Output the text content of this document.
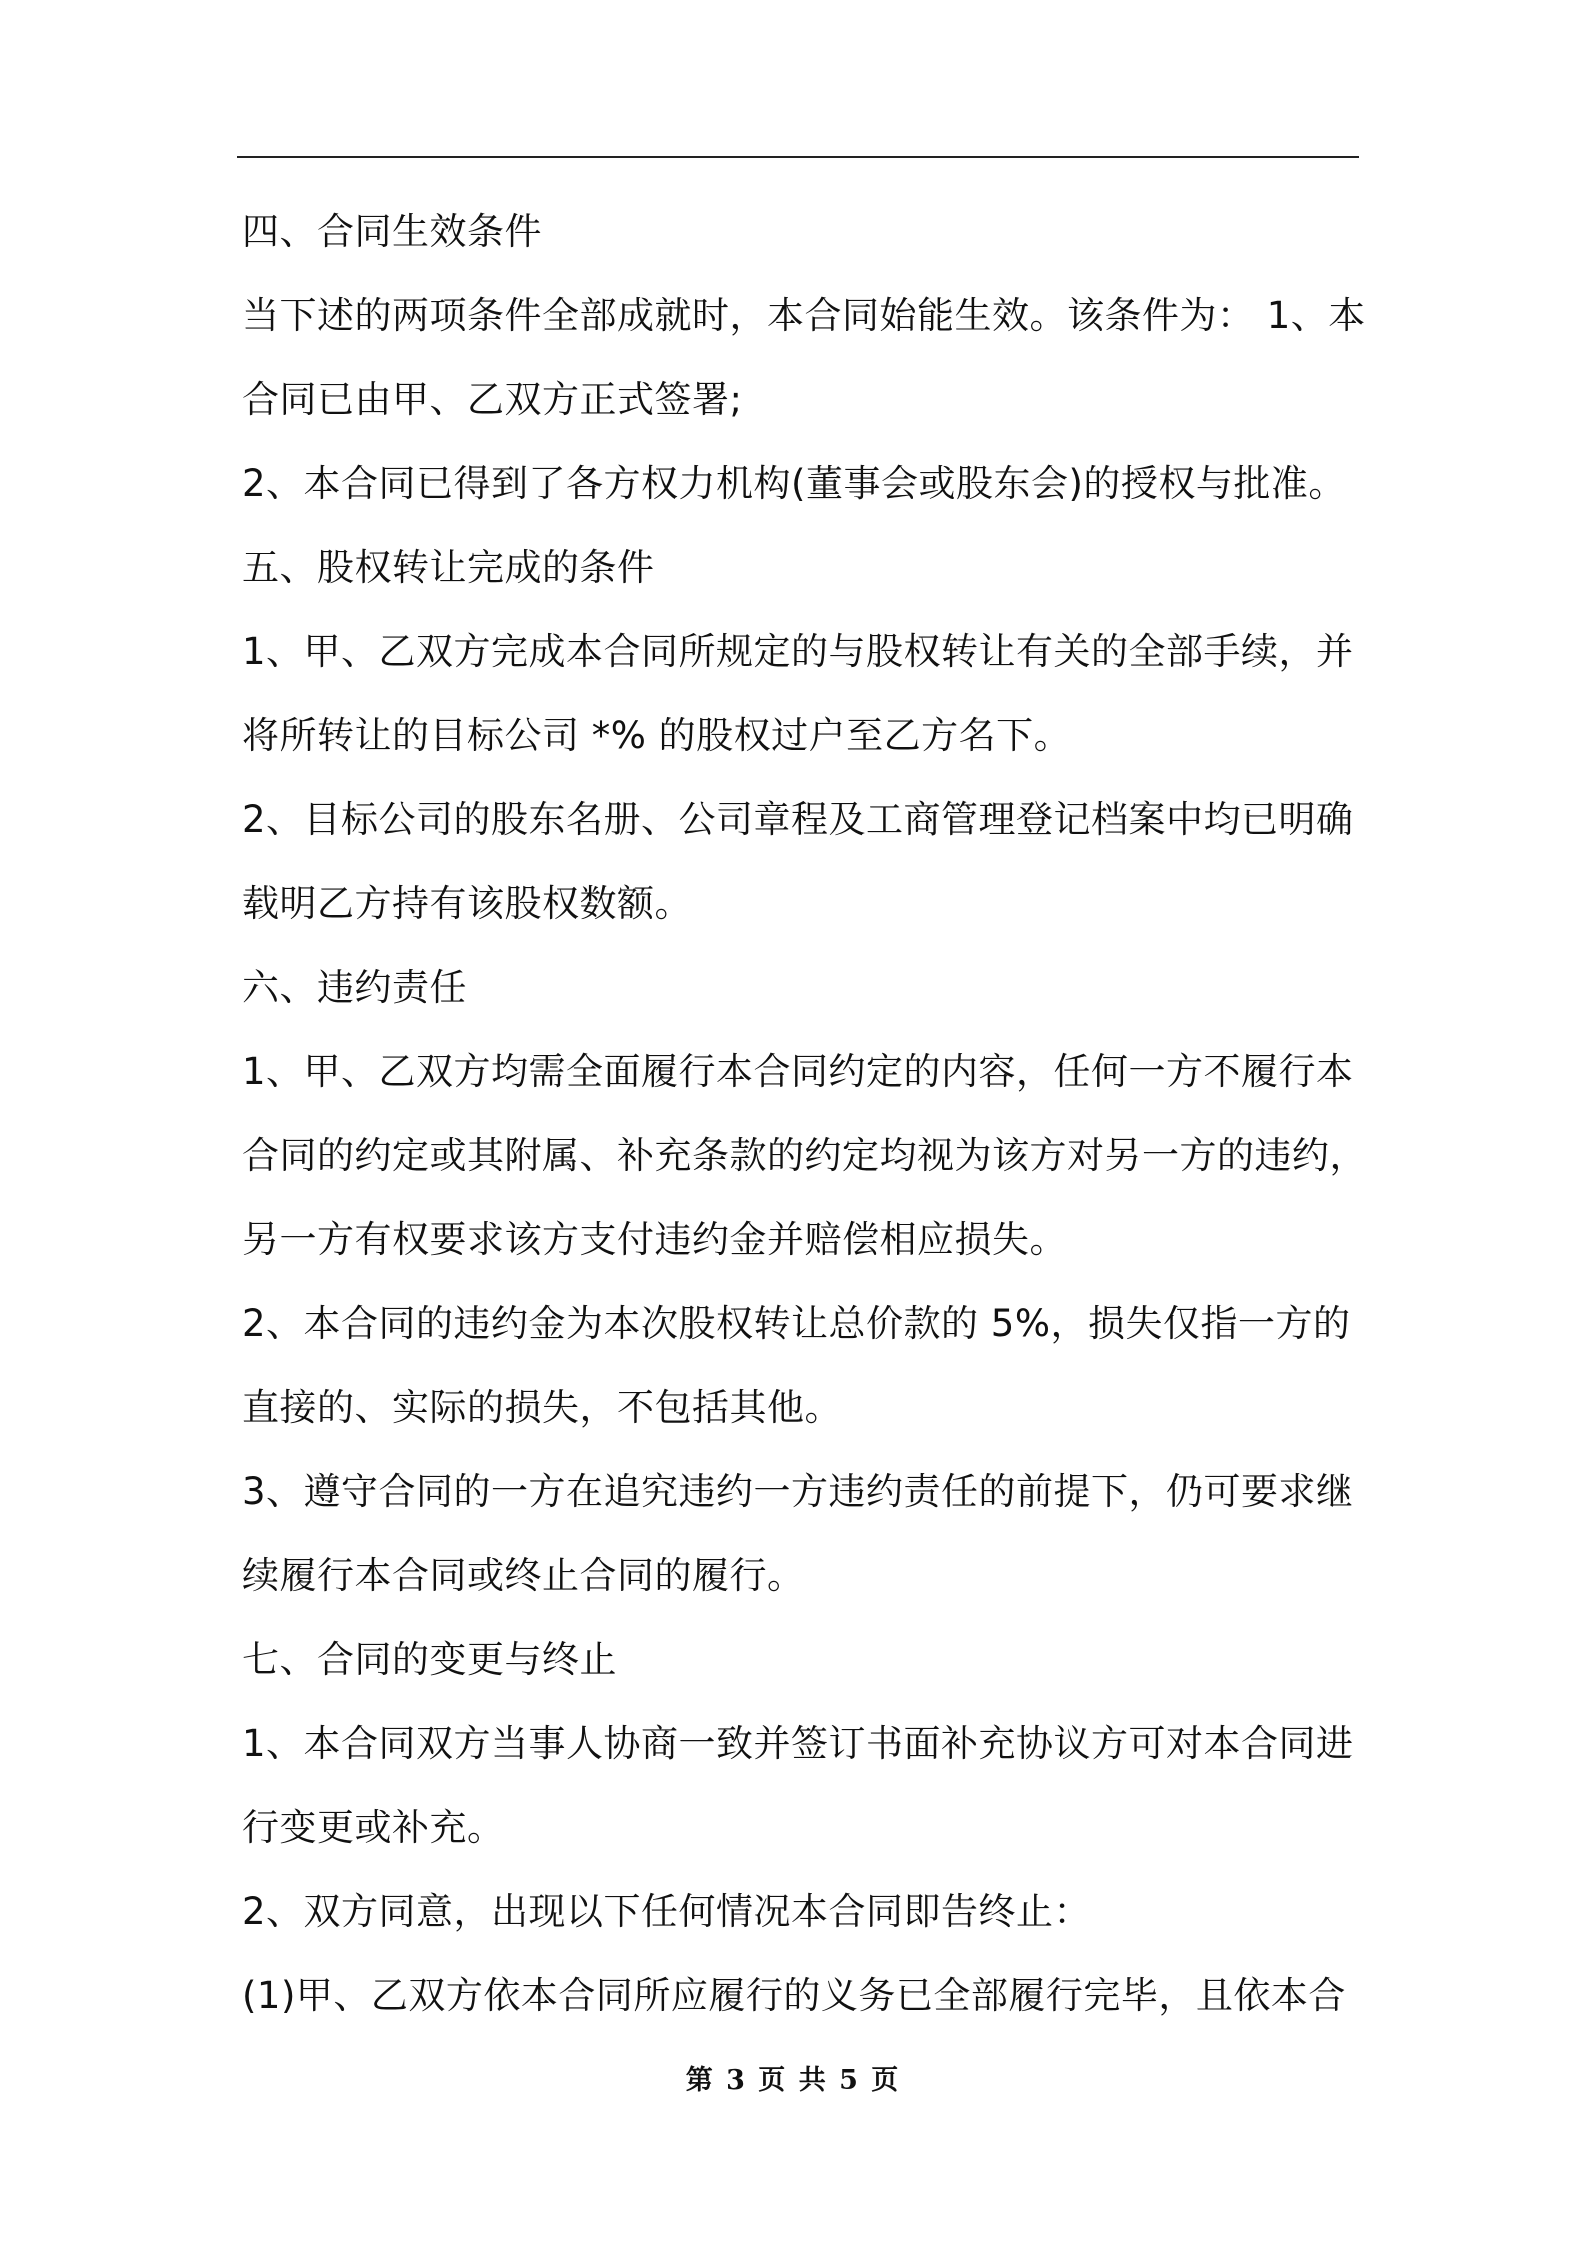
四、合同生效条件
当下述的两项条件全部成就时，本合同始能生效。该条件为： 1、本
合同已由甲、乙双方正式签署;
2、本合同已得到了各方权力机构(董事会或股东会)的授权与批准。
五、股权转让完成的条件
1、甲、乙双方完成本合同所规定的与股权转让有关的全部手续，并
将所转让的目标公司 *% 的股权过户至乙方名下。
2、目标公司的股东名册、公司章程及工商管理登记档案中均已明确
载明乙方持有该股权数额。
六、违约责任
1、甲、乙双方均需全面履行本合同约定的内容，任何一方不履行本
合同的约定或其附属、补充条款的约定均视为该方对另一方的违约，
另一方有权要求该方支付违约金并赔偿相应损失。
2、本合同的违约金为本次股权转让总价款的 5%，损失仅指一方的
直接的、实际的损失，不包括其他。
3、遵守合同的一方在追究违约一方违约责任的前提下，仍可要求继
续履行本合同或终止合同的履行。
七、合同的变更与终止
1、本合同双方当事人协商一致并签订书面补充协议方可对本合同进
行变更或补充。
2、双方同意，出现以下任何情况本合同即告终止：
(1)甲、乙双方依本合同所应履行的义务已全部履行完毕，且依本合
第 3 页 共 5 页
